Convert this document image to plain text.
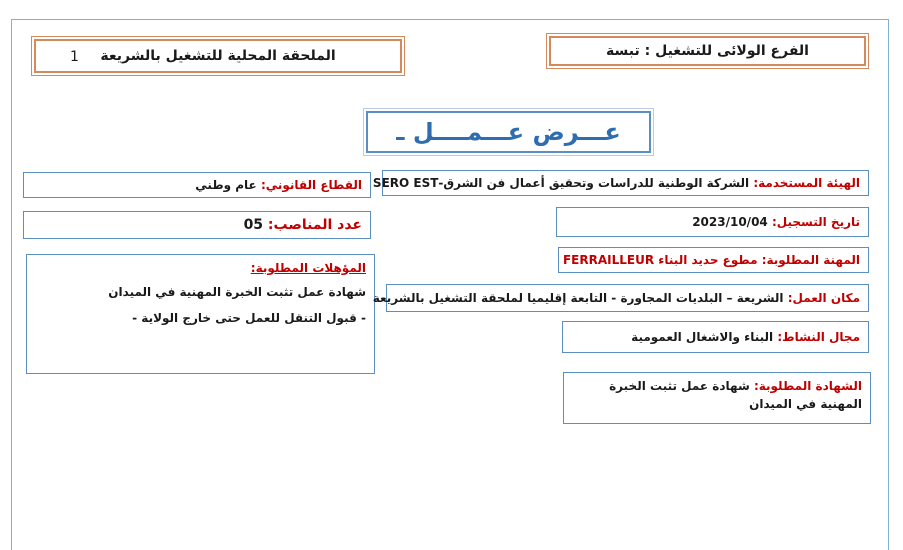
الملحقة المحلية للتشغيل بالشريعة
1	الفرع الولائى للتشغيل : تبسة
عـــرض عـــمــــل ـ
القطاع القانوني: عام وطني
عدد المناصب: 05
المؤهلات المطلوبة:
شهادة عمل تثبت الخبرة المهنية في الميدان
- قبول التنقل للعمل حتى خارج الولاية -
الهيئة المستخدمة: الشركة الوطنية للدراسات وتحقيق أعمال فن الشرق-SERO EST
تاريخ التسجيل: 2023/10/04
المهنة المطلوبة: مطوع حديد البناء FERRAILLEUR
مكان العمل: الشريعة – البلديات المجاورة - التابعة إقليميا لملحقة التشغيل بالشريعة
مجال النشاط: البناء والاشغال العمومية
الشهادة المطلوبة: شهادة عمل تثبت الخبرة المهنية في الميدان
